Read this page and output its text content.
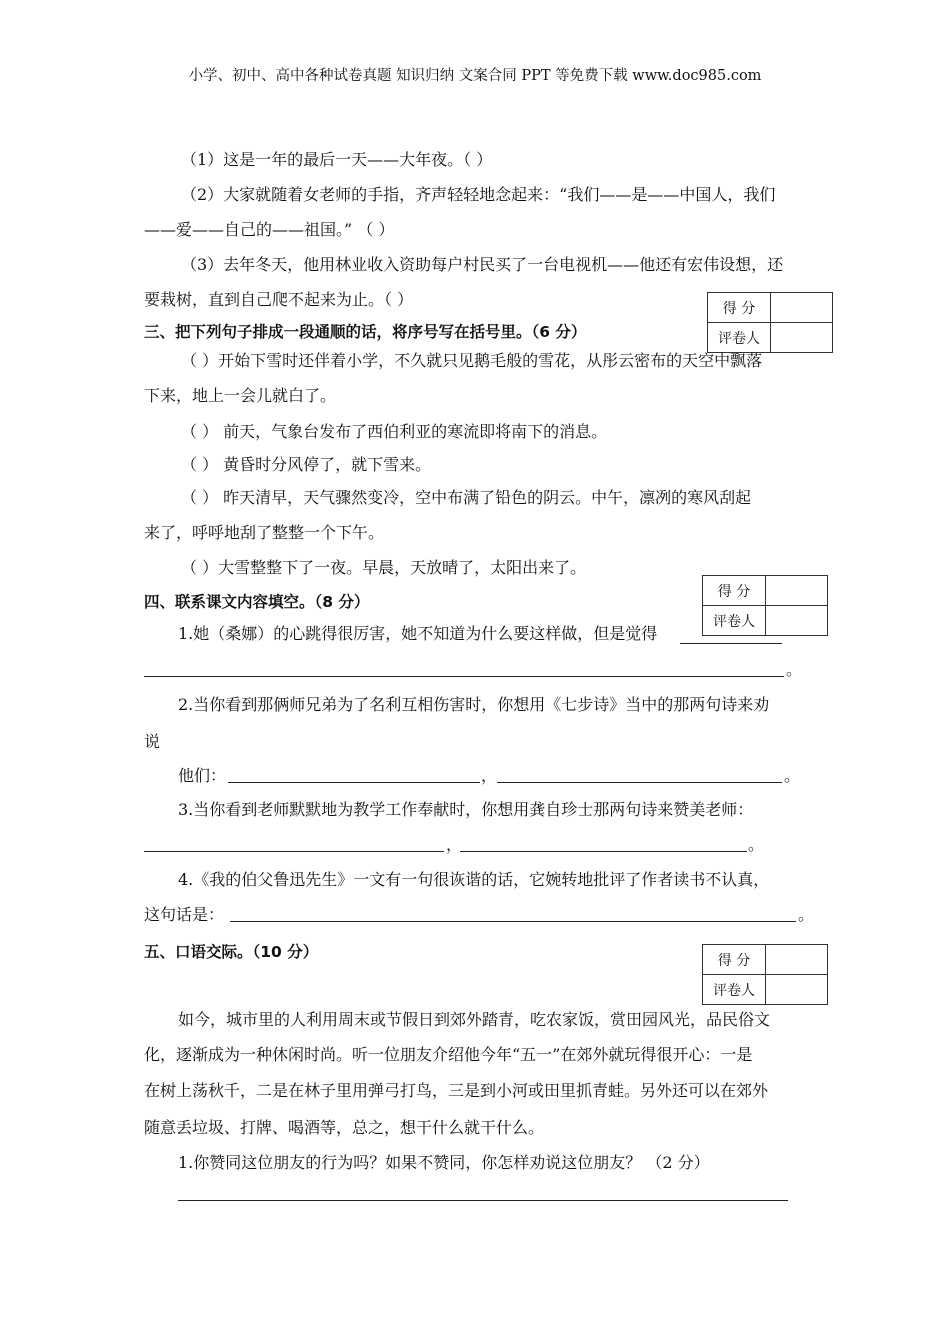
小学、初中、高中各种试卷真题 知识归纳 文案合同 PPT 等免费下载 www.doc985.com
（1）这是一年的最后一天——大年夜。（ ）
（2）大家就随着女老师的手指，齐声轻轻地念起来：“我们——是——中国人，我们
——爱——自己的——祖国。” （ ）
（3）去年冬天，他用林业收入资助每户村民买了一台电视机——他还有宏伟设想，还
要栽树，直到自己爬不起来为止。（ ）	得 分	
评卷人	
三、把下列句子排成一段通顺的话，将序号写在括号里。（6 分）
（ ）开始下雪时还伴着小学，不久就只见鹅毛般的雪花，从彤云密布的天空中飘落
下来，地上一会儿就白了。
（ ） 前天，气象台发布了西伯利亚的寒流即将南下的消息。
（ ） 黄昏时分风停了，就下雪来。
（ ） 昨天清早，天气骤然变冷，空中布满了铅色的阴云。中午，凛冽的寒风刮起
来了，呼呼地刮了整整一个下午。
（ ）大雪整整下了一夜。早晨，天放晴了，太阳出来了。
得 分	
评卷人	
四、联系课文内容填空。（8 分）
1.她（桑娜）的心跳得很厉害，她不知道为什么要这样做，但是觉得
。
2.当你看到那俩师兄弟为了名利互相伤害时，你想用《七步诗》当中的那两句诗来劝
说
他们：	，	。
3.当你看到老师默默地为教学工作奉献时，你想用龚自珍士那两句诗来赞美老师：
，	。
4.《我的伯父鲁迅先生》一文有一句很诙谐的话，它婉转地批评了作者读书不认真，
这句话是：	。
得 分	
评卷人	
五、口语交际。（10 分）
如今，城市里的人利用周末或节假日到郊外踏青，吃农家饭，赏田园风光，品民俗文
化，逐渐成为一种休闲时尚。听一位朋友介绍他今年“五一”在郊外就玩得很开心：一是
在树上荡秋千，二是在林子里用弹弓打鸟，三是到小河或田里抓青蛙。另外还可以在郊外
随意丢垃圾、打牌、喝酒等，总之，想干什么就干什么。
1.你赞同这位朋友的行为吗？如果不赞同，你怎样劝说这位朋友？ （2 分）
